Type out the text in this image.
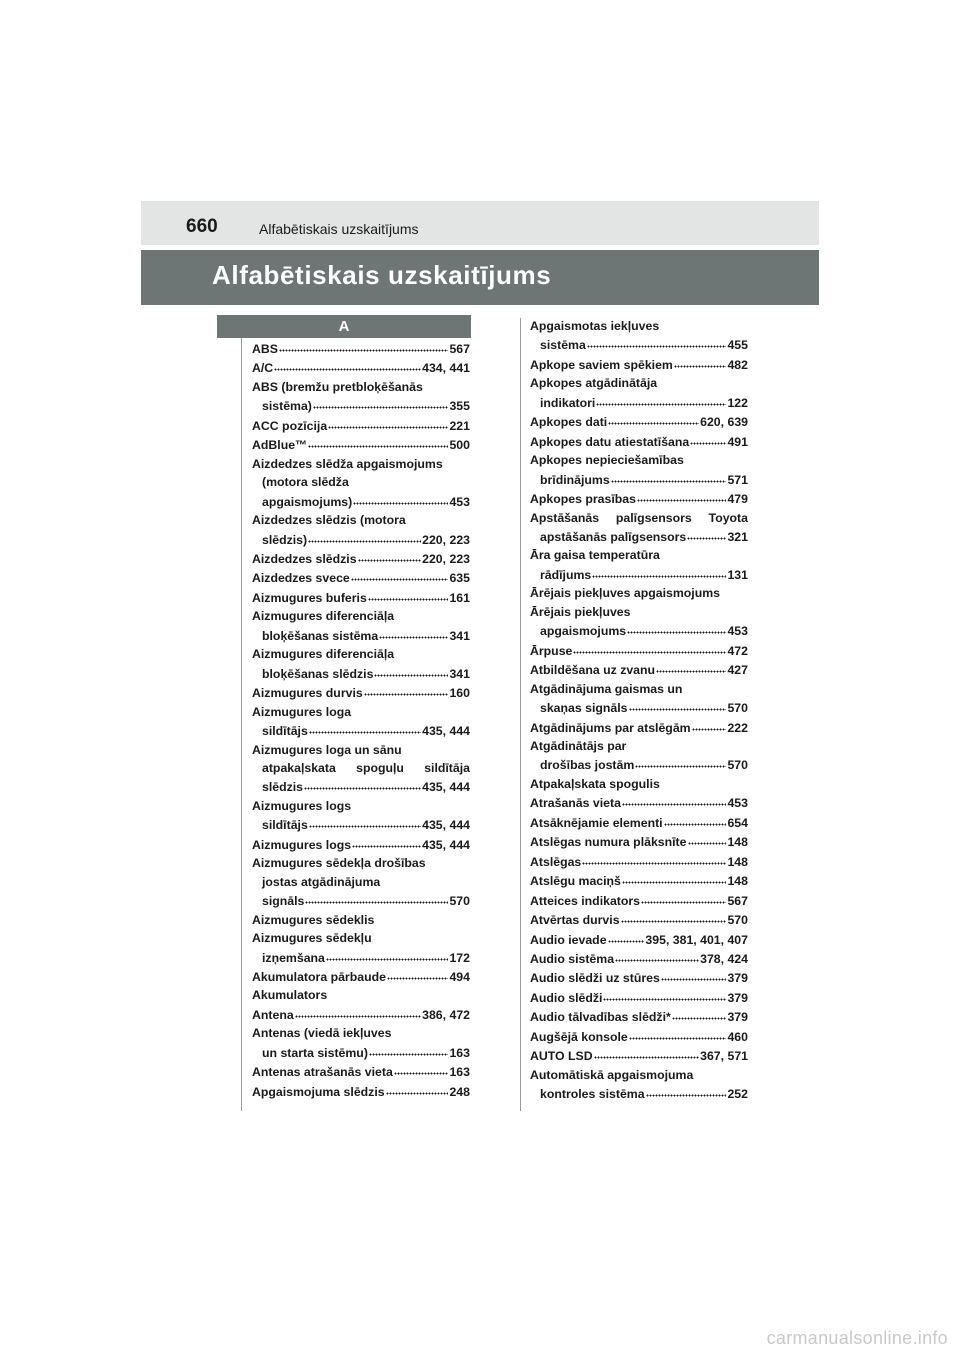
660	Alfabētiskais uzskaitījums
Alfabētiskais uzskaitījums
A
ABS	567
A/C	434, 441
ABS (bremžu pretbloķēšanās
sistēma)	355
ACC pozīcija	221
AdBlue™	500
Aizdedzes slēdža apgaismojums
(motora slēdža
apgaismojums)	453
Aizdedzes slēdzis (motora
slēdzis)	220, 223
Aizdedzes slēdzis	220, 223
Aizdedzes svece	635
Aizmugures buferis	161
Aizmugures diferenciāļa
bloķēšanas sistēma	341
Aizmugures diferenciāļa
bloķēšanas slēdzis	341
Aizmugures durvis	160
Aizmugures loga
sildītājs	435, 444
Aizmugures loga un sānu
atpakaļskata spoguļu sildītāja
slēdzis	435, 444
Aizmugures logs
sildītājs	435, 444
Aizmugures logs	435, 444
Aizmugures sēdekļa drošības
jostas atgādinājuma
signāls	570
Aizmugures sēdeklis
Aizmugures sēdekļu
izņemšana	172
Akumulatora pārbaude	494
Akumulators
Antena	386, 472
Antenas (viedā iekļuves
un starta sistēmu)	163
Antenas atrašanās vieta	163
Apgaismojuma slēdzis	248
Apgaismotas iekļuves
sistēma	455
Apkope saviem spēkiem	482
Apkopes atgādinātāja
indikatori	122
Apkopes dati	620, 639
Apkopes datu atiestatīšana	491
Apkopes nepieciešamības
brīdinājums	571
Apkopes prasības	479
Apstāšanās palīgsensors Toyota
apstāšanās palīgsensors	321
Āra gaisa temperatūra
rādījums	131
Ārējais piekļuves apgaismojums
Ārējais piekļuves
apgaismojums	453
Ārpuse	472
Atbildēšana uz zvanu	427
Atgādinājuma gaismas un
skaņas signāls	570
Atgādinājums par atslēgām	222
Atgādinātājs par
drošības jostām	570
Atpakaļskata spogulis
Atrašanās vieta	453
Atsāknējamie elementi	654
Atslēgas numura plāksnīte	148
Atslēgas	148
Atslēgu maciņš	148
Atteices indikators	567
Atvērtas durvis	570
Audio ievade	395, 381, 401, 407
Audio sistēma	378, 424
Audio slēdži uz stūres	379
Audio slēdži	379
Audio tālvadības slēdži*	379
Augšējā konsole	460
AUTO LSD	367, 571
Automātiskā apgaismojuma
kontroles sistēma	252
carmanualsonline.info
